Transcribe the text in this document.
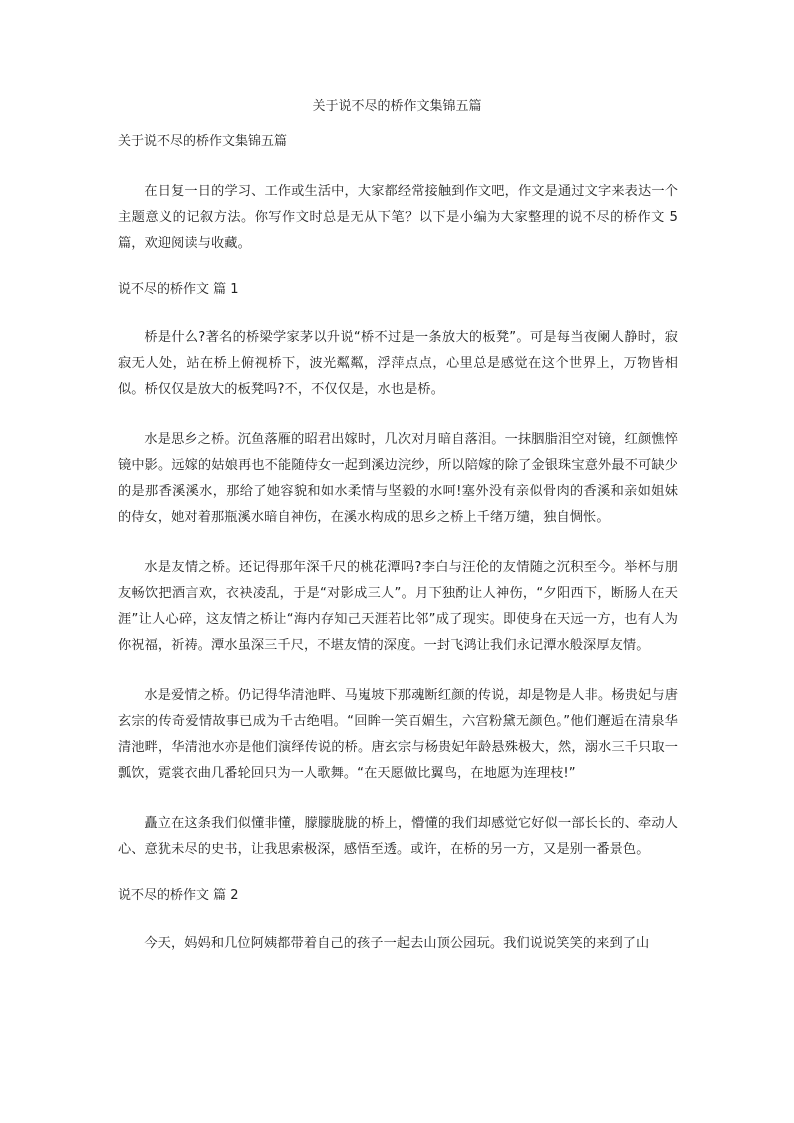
关于说不尽的桥作文集锦五篇

关于说不尽的桥作文集锦五篇

在日复一日的学习、工作或生活中，大家都经常接触到作文吧，作文是通过文字来表达一个主题意义的记叙方法。你写作文时总是无从下笔？以下是小编为大家整理的说不尽的桥作文 5 篇，欢迎阅读与收藏。

说不尽的桥作文 篇 1

桥是什么?著名的桥梁学家茅以升说“桥不过是一条放大的板凳”。可是每当夜阑人静时，寂寂无人处，站在桥上俯视桥下，波光粼粼，浮萍点点，心里总是感觉在这个世界上，万物皆相似。桥仅仅是放大的板凳吗?不，不仅仅是，水也是桥。

水是思乡之桥。沉鱼落雁的昭君出嫁时，几次对月暗自落泪。一抹胭脂泪空对镜，红颜憔悴镜中影。远嫁的姑娘再也不能随侍女一起到溪边浣纱，所以陪嫁的除了金银珠宝意外最不可缺少的是那香溪溪水，那给了她容貌和如水柔情与坚毅的水呵!塞外没有亲似骨肉的香溪和亲如姐妹的侍女，她对着那瓶溪水暗自神伤，在溪水构成的思乡之桥上千绪万缱，独自惆怅。

水是友情之桥。还记得那年深千尺的桃花潭吗?李白与汪伦的友情随之沉积至今。举杯与朋友畅饮把酒言欢，衣袂凌乱，于是“对影成三人”。月下独酌让人神伤，“夕阳西下，断肠人在天涯”让人心碎，这友情之桥让“海内存知己天涯若比邻”成了现实。即使身在天远一方，也有人为你祝福，祈祷。潭水虽深三千尺，不堪友情的深度。一封飞鸿让我们永记潭水般深厚友情。

水是爱情之桥。仍记得华清池畔、马嵬坡下那魂断红颜的传说，却是物是人非。杨贵妃与唐玄宗的传奇爱情故事已成为千古绝唱。“回眸一笑百媚生，六宫粉黛无颜色。”他们邂逅在清泉华清池畔，华清池水亦是他们演绎传说的桥。唐玄宗与杨贵妃年龄悬殊极大，然，溺水三千只取一瓢饮，霓裳衣曲几番轮回只为一人歌舞。“在天愿做比翼鸟，在地愿为连理枝!”

矗立在这条我们似懂非懂，朦朦胧胧的桥上，懵懂的我们却感觉它好似一部长长的、牵动人心、意犹未尽的史书，让我思索极深，感悟至透。或许，在桥的另一方，又是别一番景色。

说不尽的桥作文 篇 2

今天，妈妈和几位阿姨都带着自己的孩子一起去山顶公园玩。我们说说笑笑的来到了山
